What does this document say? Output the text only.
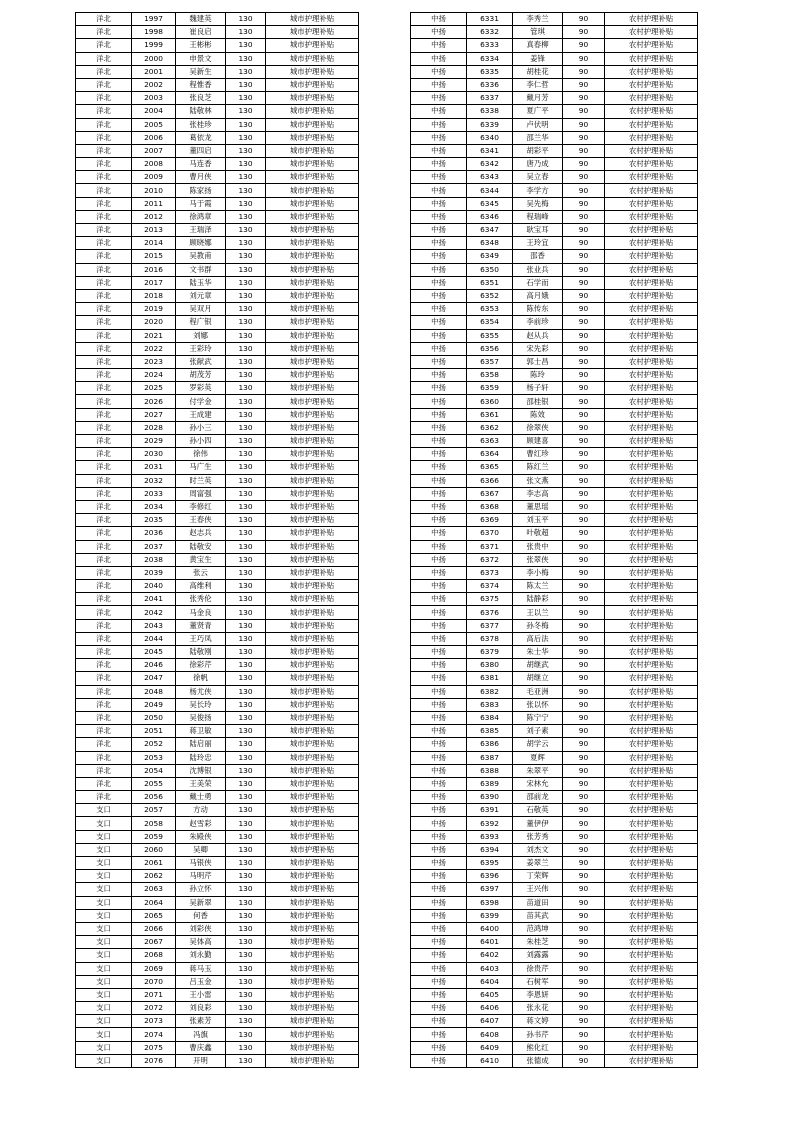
洋北	1997	魏建英	130	城市护理补贴
洋北	1998	崔良启	130	城市护理补贴
洋北	1999	王彬彬	130	城市护理补贴
洋北	2000	申景文	130	城市护理补贴
洋北	2001	吴新生	130	城市护理补贴
洋北	2002	程惟香	130	城市护理补贴
洋北	2003	张良芝	130	城市护理补贴
洋北	2004	陆敬林	130	城市护理补贴
洋北	2005	张桂珍	130	城市护理补贴
洋北	2006	葛依龙	130	城市护理补贴
洋北	2007	董四启	130	城市护理补贴
洋北	2008	马连香	130	城市护理补贴
洋北	2009	曹月侠	130	城市护理补贴
洋北	2010	陈家扬	130	城市护理补贴
洋北	2011	马于霞	130	城市护理补贴
洋北	2012	徐鸿章	130	城市护理补贴
洋北	2013	王瑞泽	130	城市护理补贴
洋北	2014	顾晓娜	130	城市护理补贴
洋北	2015	吴教甫	130	城市护理补贴
洋北	2016	文书群	130	城市护理补贴
洋北	2017	陆玉华	130	城市护理补贴
洋北	2018	刘元章	130	城市护理补贴
洋北	2019	吴双月	130	城市护理补贴
洋北	2020	程广银	130	城市护理补贴
洋北	2021	刘娜	130	城市护理补贴
洋北	2022	王彩玲	130	城市护理补贴
洋北	2023	张献武	130	城市护理补贴
洋北	2024	胡茂芳	130	城市护理补贴
洋北	2025	罗彩英	130	城市护理补贴
洋北	2026	付学金	130	城市护理补贴
洋北	2027	王成建	130	城市护理补贴
洋北	2028	孙小三	130	城市护理补贴
洋北	2029	孙小四	130	城市护理补贴
洋北	2030	徐伟	130	城市护理补贴
洋北	2031	马广生	130	城市护理补贴
洋北	2032	时兰英	130	城市护理补贴
洋北	2033	周富强	130	城市护理补贴
洋北	2034	李修红	130	城市护理补贴
洋北	2035	王春侠	130	城市护理补贴
洋北	2036	赵志兵	130	城市护理补贴
洋北	2037	陆敬安	130	城市护理补贴
洋北	2038	黄宝生	130	城市护理补贴
洋北	2039	张云	130	城市护理补贴
洋北	2040	高维利	130	城市护理补贴
洋北	2041	张秀伦	130	城市护理补贴
洋北	2042	马金良	130	城市护理补贴
洋北	2043	董贤青	130	城市护理补贴
洋北	2044	王巧凤	130	城市护理补贴
洋北	2045	陆敬刚	130	城市护理补贴
洋北	2046	徐彩芹	130	城市护理补贴
洋北	2047	徐帆	130	城市护理补贴
洋北	2048	杨尤侠	130	城市护理补贴
洋北	2049	吴长玲	130	城市护理补贴
洋北	2050	吴俊扬	130	城市护理补贴
洋北	2051	蒋卫敏	130	城市护理补贴
洋北	2052	陆启丽	130	城市护理补贴
洋北	2053	陆玲忠	130	城市护理补贴
洋北	2054	沈博银	130	城市护理补贴
洋北	2055	王美荣	130	城市护理补贴
洋北	2056	戴士勇	130	城市护理补贴
支口	2057	方动	130	城市护理补贴
支口	2058	赵雪彩	130	城市护理补贴
支口	2059	朱殿侠	130	城市护理补贴
支口	2060	吴卿	130	城市护理补贴
支口	2061	马银侠	130	城市护理补贴
支口	2062	马明芹	130	城市护理补贴
支口	2063	孙立怀	130	城市护理补贴
支口	2064	吴新翠	130	城市护理补贴
支口	2065	何香	130	城市护理补贴
支口	2066	刘彩侠	130	城市护理补贴
支口	2067	吴体高	130	城市护理补贴
支口	2068	刘永勤	130	城市护理补贴
支口	2069	蒋马玉	130	城市护理补贴
支口	2070	吕玉金	130	城市护理补贴
支口	2071	王小雷	130	城市护理补贴
支口	2072	刘良彩	130	城市护理补贴
支口	2073	张素芳	130	城市护理补贴
支口	2074	冯旗	130	城市护理补贴
支口	2075	曹庆鑫	130	城市护理补贴
支口	2076	开明	130	城市护理补贴
中扬	6331	李秀兰	90	农村护理补贴
中扬	6332	管琪	90	农村护理补贴
中扬	6333	真春柳	90	农村护理补贴
中扬	6334	姜锋	90	农村护理补贴
中扬	6335	胡桂花	90	农村护理补贴
中扬	6336	李仁哲	90	农村护理补贴
中扬	6337	戴月芳	90	农村护理补贴
中扬	6338	夏广平	90	农村护理补贴
中扬	6339	卢伏明	90	农村护理补贴
中扬	6340	邵兰华	90	农村护理补贴
中扬	6341	胡彩平	90	农村护理补贴
中扬	6342	唐乃成	90	农村护理补贴
中扬	6343	吴立春	90	农村护理补贴
中扬	6344	李学方	90	农村护理补贴
中扬	6345	吴先梅	90	农村护理补贴
中扬	6346	程瑞峰	90	农村护理补贴
中扬	6347	耿宝耳	90	农村护理补贴
中扬	6348	王玲宜	90	农村护理补贴
中扬	6349	邵香	90	农村护理补贴
中扬	6350	张业兵	90	农村护理补贴
中扬	6351	石学而	90	农村护理补贴
中扬	6352	高月娥	90	农村护理补贴
中扬	6353	陈传东	90	农村护理补贴
中扬	6354	李前珍	90	农村护理补贴
中扬	6355	赵从兵	90	农村护理补贴
中扬	6356	宋先彩	90	农村护理补贴
中扬	6357	郭士昌	90	农村护理补贴
中扬	6358	陈玲	90	农村护理补贴
中扬	6359	杨子轩	90	农村护理补贴
中扬	6360	邵桂银	90	农村护理补贴
中扬	6361	陈效	90	农村护理补贴
中扬	6362	徐翠侠	90	农村护理补贴
中扬	6363	顾建喜	90	农村护理补贴
中扬	6364	曹红珍	90	农村护理补贴
中扬	6365	陈红兰	90	农村护理补贴
中扬	6366	张文燕	90	农村护理补贴
中扬	6367	李志高	90	农村护理补贴
中扬	6368	董思瑶	90	农村护理补贴
中扬	6369	刘玉平	90	农村护理补贴
中扬	6370	叶敬超	90	农村护理补贴
中扬	6371	张贵中	90	农村护理补贴
中扬	6372	张翠侠	90	农村护理补贴
中扬	6373	李小梅	90	农村护理补贴
中扬	6374	陈太兰	90	农村护理补贴
中扬	6375	陆静彩	90	农村护理补贴
中扬	6376	王以兰	90	农村护理补贴
中扬	6377	孙冬梅	90	农村护理补贴
中扬	6378	高后法	90	农村护理补贴
中扬	6379	朱士华	90	农村护理补贴
中扬	6380	胡继武	90	农村护理补贴
中扬	6381	胡继立	90	农村护理补贴
中扬	6382	毛亚洲	90	农村护理补贴
中扬	6383	张以怀	90	农村护理补贴
中扬	6384	陈宁宁	90	农村护理补贴
中扬	6385	刘子素	90	农村护理补贴
中扬	6386	胡学云	90	农村护理补贴
中扬	6387	夏辉	90	农村护理补贴
中扬	6388	朱翠平	90	农村护理补贴
中扬	6389	宋林允	90	农村护理补贴
中扬	6390	邵前龙	90	农村护理补贴
中扬	6391	石敬英	90	农村护理补贴
中扬	6392	董伊伊	90	农村护理补贴
中扬	6393	张芳秀	90	农村护理补贴
中扬	6394	刘杰文	90	农村护理补贴
中扬	6395	姜翠兰	90	农村护理补贴
中扬	6396	丁荣辉	90	农村护理补贴
中扬	6397	王兴伟	90	农村护理补贴
中扬	6398	苗道田	90	农村护理补贴
中扬	6399	苗其武	90	农村护理补贴
中扬	6400	范鸿坤	90	农村护理补贴
中扬	6401	朱桂芝	90	农村护理补贴
中扬	6402	刘露露	90	农村护理补贴
中扬	6403	徐贵芹	90	农村护理补贴
中扬	6404	石树军	90	农村护理补贴
中扬	6405	李恩妍	90	农村护理补贴
中扬	6406	张永花	90	农村护理补贴
中扬	6407	蒋文婷	90	农村护理补贴
中扬	6408	孙书芹	90	农村护理补贴
中扬	6409	熊化红	90	农村护理补贴
中扬	6410	张德成	90	农村护理补贴
